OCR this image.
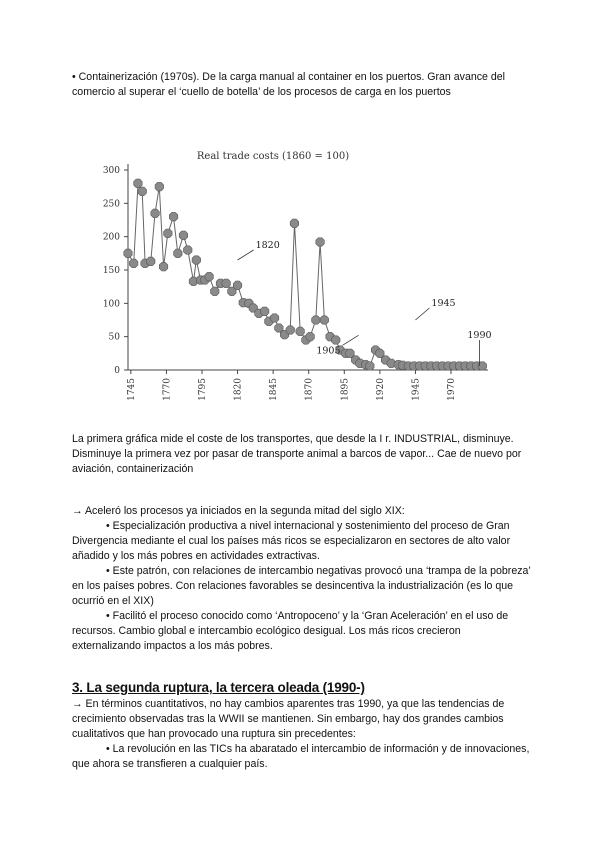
• Containerización (1970s). De la carga manual al container en los puertos. Gran avance del comercio al superar el ‘cuello de botella’ de los procesos de carga en los puertos
Real trade costs (1860 = 100)
0
50
100
150
200
250
300
1745	1770	1795	1820	1845	1870	1895	1920	1945	1970
1820
1905
1945
1990
La primera gráfica mide el coste de los transportes, que desde la I r. INDUSTRIAL, disminuye. Disminuye la primera vez por pasar de transporte animal a barcos de vapor... Cae de nuevo por aviación, containerización
→ Aceleró los procesos ya iniciados en la segunda mitad del siglo XIX:
• Especialización productiva a nivel internacional y sostenimiento del proceso de Gran Divergencia mediante el cual los países más ricos se especializaron en sectores de alto valor añadido y los más pobres en actividades extractivas.
• Este patrón, con relaciones de intercambio negativas provocó una ‘trampa de la pobreza’ en los países pobres. Con relaciones favorables se desincentiva la industrialización (es lo que ocurrió en el XIX)
• Facilitó el proceso conocido como ‘Antropoceno’ y la ‘Gran Aceleración’ en el uso de recursos. Cambio global e intercambio ecológico desigual. Los más ricos crecieron externalizando impactos a los más pobres.
3. La segunda ruptura, la tercera oleada (1990-)
→ En términos cuantitativos, no hay cambios aparentes tras 1990, ya que las tendencias de crecimiento observadas tras la WWII se mantienen. Sin embargo, hay dos grandes cambios cualitativos que han provocado una ruptura sin precedentes:
• La revolución en las TICs ha abaratado el intercambio de información y de innovaciones, que ahora se transfieren a cualquier país.
